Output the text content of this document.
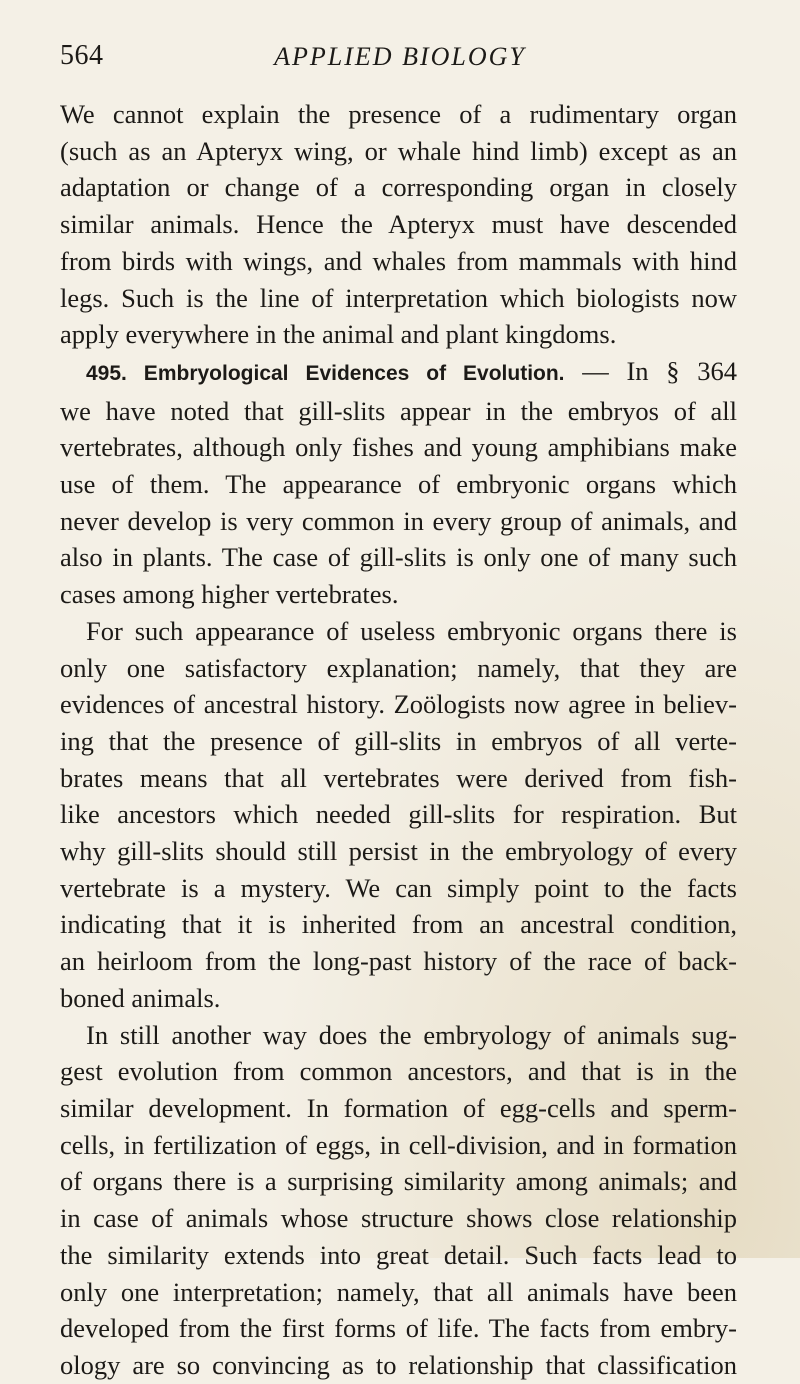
564	APPLIED BIOLOGY
We cannot explain the presence of a rudimentary organ
(such as an Apteryx wing, or whale hind limb) except as an
adaptation or change of a corresponding organ in closely
similar animals. Hence the Apteryx must have descended
from birds with wings, and whales from mammals with hind
legs. Such is the line of interpretation which biologists now
apply everywhere in the animal and plant kingdoms.
495. Embryological Evidences of Evolution. — In § 364
we have noted that gill-slits appear in the embryos of all
vertebrates, although only fishes and young amphibians make
use of them. The appearance of embryonic organs which
never develop is very common in every group of animals, and
also in plants. The case of gill-slits is only one of many such
cases among higher vertebrates.
For such appearance of useless embryonic organs there is
only one satisfactory explanation; namely, that they are
evidences of ancestral history. Zoölogists now agree in believ-
ing that the presence of gill-slits in embryos of all verte-
brates means that all vertebrates were derived from fish-
like ancestors which needed gill-slits for respiration. But
why gill-slits should still persist in the embryology of every
vertebrate is a mystery. We can simply point to the facts
indicating that it is inherited from an ancestral condition,
an heirloom from the long-past history of the race of back-
boned animals.
In still another way does the embryology of animals sug-
gest evolution from common ancestors, and that is in the
similar development. In formation of egg-cells and sperm-
cells, in fertilization of eggs, in cell-division, and in formation
of organs there is a surprising similarity among animals; and
in case of animals whose structure shows close relationship
the similarity extends into great detail. Such facts lead to
only one interpretation; namely, that all animals have been
developed from the first forms of life. The facts from embry-
ology are so convincing as to relationship that classification
